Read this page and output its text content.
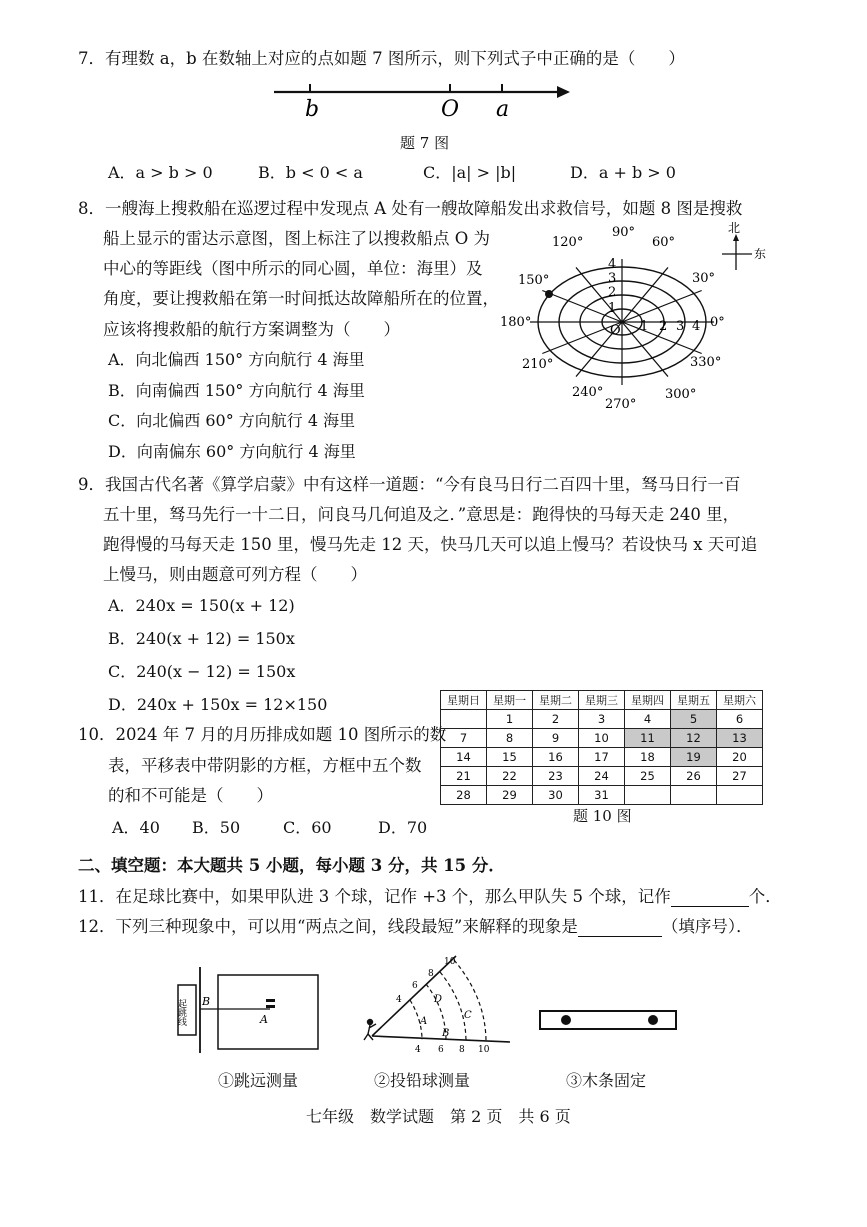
7．有理数 a，b 在数轴上对应的点如题 7 图所示，则下列式子中正确的是（　　）
b	O a
题 7 图
A．a > b > 0	B．b < 0 < a	C．|a| > |b|	D．a + b > 0
8．一艘海上搜救船在巡逻过程中发现点 A 处有一艘故障船发出求救信号，如题 8 图是搜救
船上显示的雷达示意图，图上标注了以搜救船点 O 为
中心的等距线（图中所示的同心圆，单位：海里）及
角度，要让搜救船在第一时间抵达故障船所在的位置，
应该将搜救船的航行方案调整为（　　）
A．向北偏西 150° 方向航行 4 海里
B．向南偏西 150° 方向航行 4 海里
C．向北偏西 60° 方向航行 4 海里
D．向南偏东 60° 方向航行 4 海里
90°
60°
30°
0°
330°
300°
270°
240°
210°
180°
150°
120°
O 1 2 3 4
1
2
3
4
北
东
9．我国古代名著《算学启蒙》中有这样一道题：“今有良马日行二百四十里，驽马日行一百
五十里，驽马先行一十二日，问良马几何追及之．”意思是：跑得快的马每天走 240 里，
跑得慢的马每天走 150 里，慢马先走 12 天，快马几天可以追上慢马？若设快马 x 天可追
上慢马，则由题意可列方程（　　）
A．240x = 150(x + 12)
B．240(x + 12) = 150x
C．240(x − 12) = 150x
D．240x + 150x = 12×150
10．2024 年 7 月的月历排成如题 10 图所示的数
表，平移表中带阴影的方框，方框中五个数
的和不可能是（　　）
A．40 B．50	C．60	D．70
星期日	星期一	星期二	星期三	星期四	星期五	星期六
	1	2	3	4	5	6
7	8	9	10	11	12	13
14	15	16	17	18	19	20
21	22	23	24	25	26	27
28	29	30	31			
题 10 图
二、填空题：本大题共 5 小题，每小题 3 分，共 15 分．
11．在足球比赛中，如果甲队进 3 个球，记作 +3 个，那么甲队失 5 个球，记作	个．
12．下列三种现象中，可以用“两点之间，线段最短”来解释的现象是	（填序号）．
起跳线 B
A
①跳远测量
A
B
C
D
4
6
8
10
4 6 8 10
②投铅球测量	③木条固定
七年级　数学试题　第 2 页　共 6 页
